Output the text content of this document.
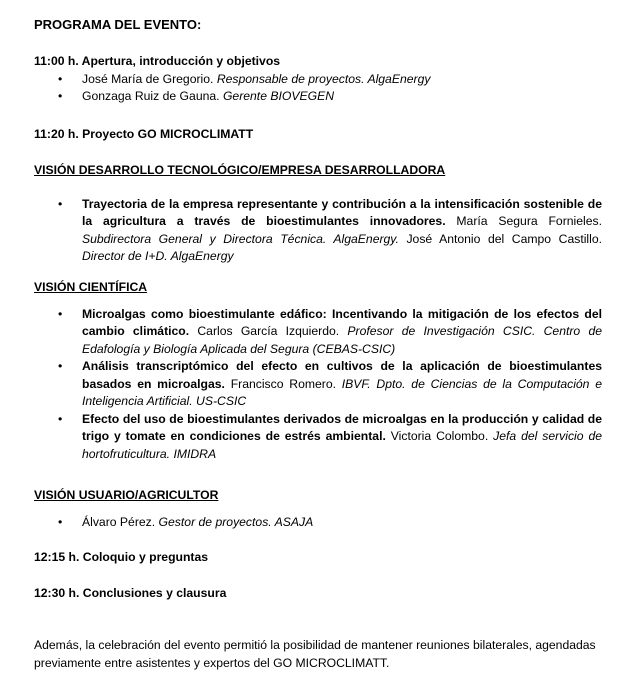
PROGRAMA DEL EVENTO:
11:00 h. Apertura, introducción y objetivos
• José María de Gregorio. Responsable de proyectos. AlgaEnergy
• Gonzaga Ruiz de Gauna. Gerente BIOVEGEN
11:20 h. Proyecto GO MICROCLIMATT
VISIÓN DESARROLLO TECNOLÓGICO/EMPRESA DESARROLLADORA
• Trayectoria de la empresa representante y contribución a la intensificación sostenible de la agricultura a través de bioestimulantes innovadores. María Segura Fornieles. Subdirectora General y Directora Técnica. AlgaEnergy. José Antonio del Campo Castillo. Director de I+D. AlgaEnergy
VISIÓN CIENTÍFICA
• Microalgas como bioestimulante edáfico: Incentivando la mitigación de los efectos del cambio climático. Carlos García Izquierdo. Profesor de Investigación CSIC. Centro de Edafología y Biología Aplicada del Segura (CEBAS-CSIC)
• Análisis transcriptómico del efecto en cultivos de la aplicación de bioestimulantes basados en microalgas. Francisco Romero. IBVF. Dpto. de Ciencias de la Computación e Inteligencia Artificial. US-CSIC
• Efecto del uso de bioestimulantes derivados de microalgas en la producción y calidad de trigo y tomate en condiciones de estrés ambiental. Victoria Colombo. Jefa del servicio de hortofruticultura. IMIDRA
VISIÓN USUARIO/AGRICULTOR
• Álvaro Pérez. Gestor de proyectos. ASAJA
12:15 h. Coloquio y preguntas
12:30 h. Conclusiones y clausura
Además, la celebración del evento permitió la posibilidad de mantener reuniones bilaterales, agendadas previamente entre asistentes y expertos del GO MICROCLIMATT.
